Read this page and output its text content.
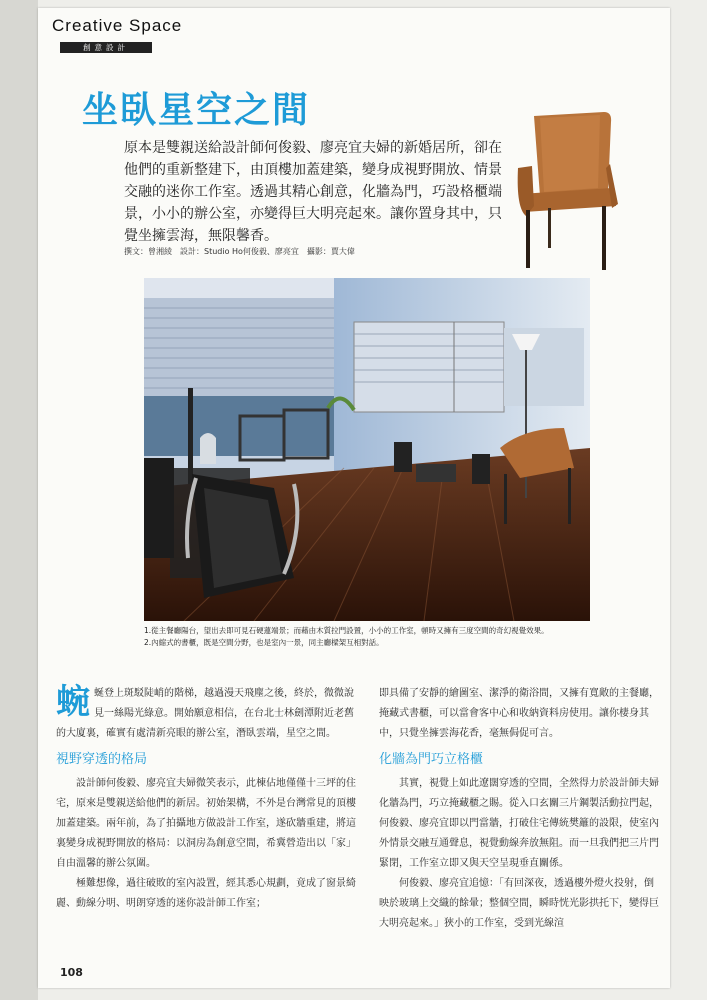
Creative Space
創意設計
坐臥星空之間

原本是雙親送給設計師何俊毅、廖亮宜夫婦的新婚居所，卻在他們的重新整建下，由頂樓加蓋建築，變身成視野開放、情景交融的迷你工作室。透過其精心創意，化牆為門，巧設格櫃端景，小小的辦公室，亦變得巨大明亮起來。讓你置身其中，只覺坐擁雲海，無限馨香。

撰文：曾湘綾　設計：Studio Ho何俊毅、廖亮宜　攝影：賈大偉

1.從主餐廳陽台，望出去即可見石硬蓮端景；而藉由木質拉門設置，小小的工作室，頓時又擁有三度空間的奇幻視覺效果。

2.內縮式的書櫃，既是空間分野，也是室內一景，同主廳樑架互相對話。

蜿 蜒登上斑駁陡峭的階梯，越過漫天飛塵之後，終於，微微說見一絲陽光綠意。開始願意相信，在台北士林劍潭附近老舊的大廈裏，確實有處清新亮眼的辦公室，潛臥雲端，星空之間。

視野穿透的格局

設計師何俊毅、廖亮宜夫婦微笑表示，此棟佔地僅僅十三坪的住宅，原來是雙親送給他們的新居。初始架構，不外是台灣常見的頂樓加蓋建築。兩年前，為了拍攝地方做設計工作室，遂砍牆重建，將這裏變身成視野開放的格局：以洞房為創意空間，希冀營造出以「家」自由溫馨的辦公氛圍。

極難想像，過往破敗的室內設置，經其悉心規劃，竟成了窗景綺麗、動線分明、明朗穿透的迷你設計師工作室；

即具備了安靜的繪圖室、潔淨的衛浴間，又擁有寬敞的主餐廳，掩藏式書櫃，可以當會客中心和收納資料房使用。讓你棲身其中，只覺坐擁雲海花香，毫無侷促可言。

化牆為門巧立格櫃

其實，視覺上如此遼闊穿透的空間，全然得力於設計師夫婦化牆為門，巧立掩藏櫃之賜。從入口玄關三片鋼製活動拉門起，何俊毅、廖亮宜即以門當牆，打破住宅傳統樊籬的設限，使室內外情景交融互通聲息，視覺動線奔放無阻。而一旦我們把三片門緊閉，工作室立即又與天空呈現垂直關係。

何俊毅、廖亮宜追憶：「有回深夜，透過樓外燈火投射，倒映於玻璃上交織的餘暈；整個空間，瞬時恍光影拱托下，變得巨大明亮起來。」狹小的工作室，受到光線渲

108
